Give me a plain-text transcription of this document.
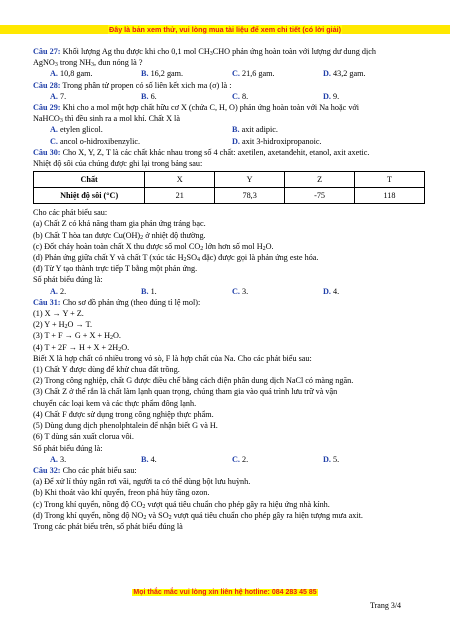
Đây là bản xem thử, vui lòng mua tài liệu để xem chi tiết (có lời giải)

Câu 27: Khối lượng Ag thu được khi cho 0,1 mol $CH_3CHO$ phản ứng hoàn toàn với lượng dư dung dịch

AgNO$_3$ trong $NH_3$, đun nóng là ?

A. 10,8 gam.	B. 16,2 gam.	C. 21,6 gam.	D. 43,2 gam.

Câu 28: Trong phân tử propen có số liên kết xich ma (σ) là :

A. 7.	B. 6.	C. 8.	D. 9.

Câu 29: Khi cho a mol một hợp chất hữu cơ X (chứa C, H, O) phản ứng hoàn toàn với Na hoặc với

NaHCO$_3$ thì đều sinh ra a mol khí. Chất X là

A. etylen glicol.	B. axit adipic.
C. ancol o-hidroxibenzylic.	D. axit 3-hidroxipropanoic.

Câu 30: Cho X, Y, Z, T là các chất khác nhau trong số 4 chất: axetilen, axetanđehit, etanol, axit axetic.

Nhiệt độ sôi của chúng được ghi lại trong bảng sau:

Chất	X	Y	Z	T
Nhiệt độ sôi (°C)	21	78,3	-75	118

Cho các phát biểu sau:

(a) Chất Z có khả năng tham gia phản ứng tráng bạc.

(b) Chất T hòa tan được $Cu(OH)_2$ ở nhiệt độ thường.

(c) Đốt cháy hoàn toàn chất X thu được số mol $CO_2$ lớn hơn số mol $H_2O$.

(d) Phản ứng giữa chất Y và chất T (xúc tác $H_2SO_4$ đặc) được gọi là phản ứng este hóa.

(đ) Từ Y tạo thành trực tiếp T bằng một phản ứng.

Số phát biểu đúng là:

A. 2.	B. 1.	C. 3.	D. 4.

Câu 31: Cho sơ đồ phản ứng (theo đúng tỉ lệ mol):

(1) X → Y + Z.

(2) $Y + H_2O \to T$.

(3) $T + F \to G + X + H_2O$.

(4) $T + 2F \to H + X + 2H_2O$.

Biết X là hợp chất có nhiều trong vỏ sò, F là hợp chất của Na. Cho các phát biểu sau:

(1) Chất Y được dùng để khử chua đất trồng.

(2) Trong công nghiệp, chất G được điều chế bằng cách điện phân dung dịch NaCl có màng ngăn.

(3) Chất Z ở thể rắn là chất làm lạnh quan trọng, chúng tham gia vào quá trình lưu trữ và vận

chuyển các loại kem và các thực phẩm đông lạnh.

(4) Chất F được sử dụng trong công nghiệp thực phẩm.

(5) Dùng dung dịch phenolphtalein để nhận biết G và H.

(6) T dùng sản xuất clorua vôi.

Số phát biểu đúng là:

A. 3.	B. 4.	C. 2.	D. 5.

Câu 32: Cho các phát biểu sau:

(a) Để xử lí thủy ngân rơi vãi, người ta có thể dùng bột lưu huỳnh.

(b) Khi thoát vào khí quyển, freon phá hủy tầng ozon.

(c) Trong khí quyển, nồng độ $CO_2$ vượt quá tiêu chuẩn cho phép gây ra hiệu ứng nhà kính.

(d) Trong khí quyển, nồng độ $NO_2$ và $SO_2$ vượt quá tiêu chuẩn cho phép gây ra hiện tượng mưa axit.

Trong các phát biểu trên, số phát biểu đúng là

Mọi thắc mắc vui lòng xin liên hệ hotline: 084 283 45 85
Trang 3/4
